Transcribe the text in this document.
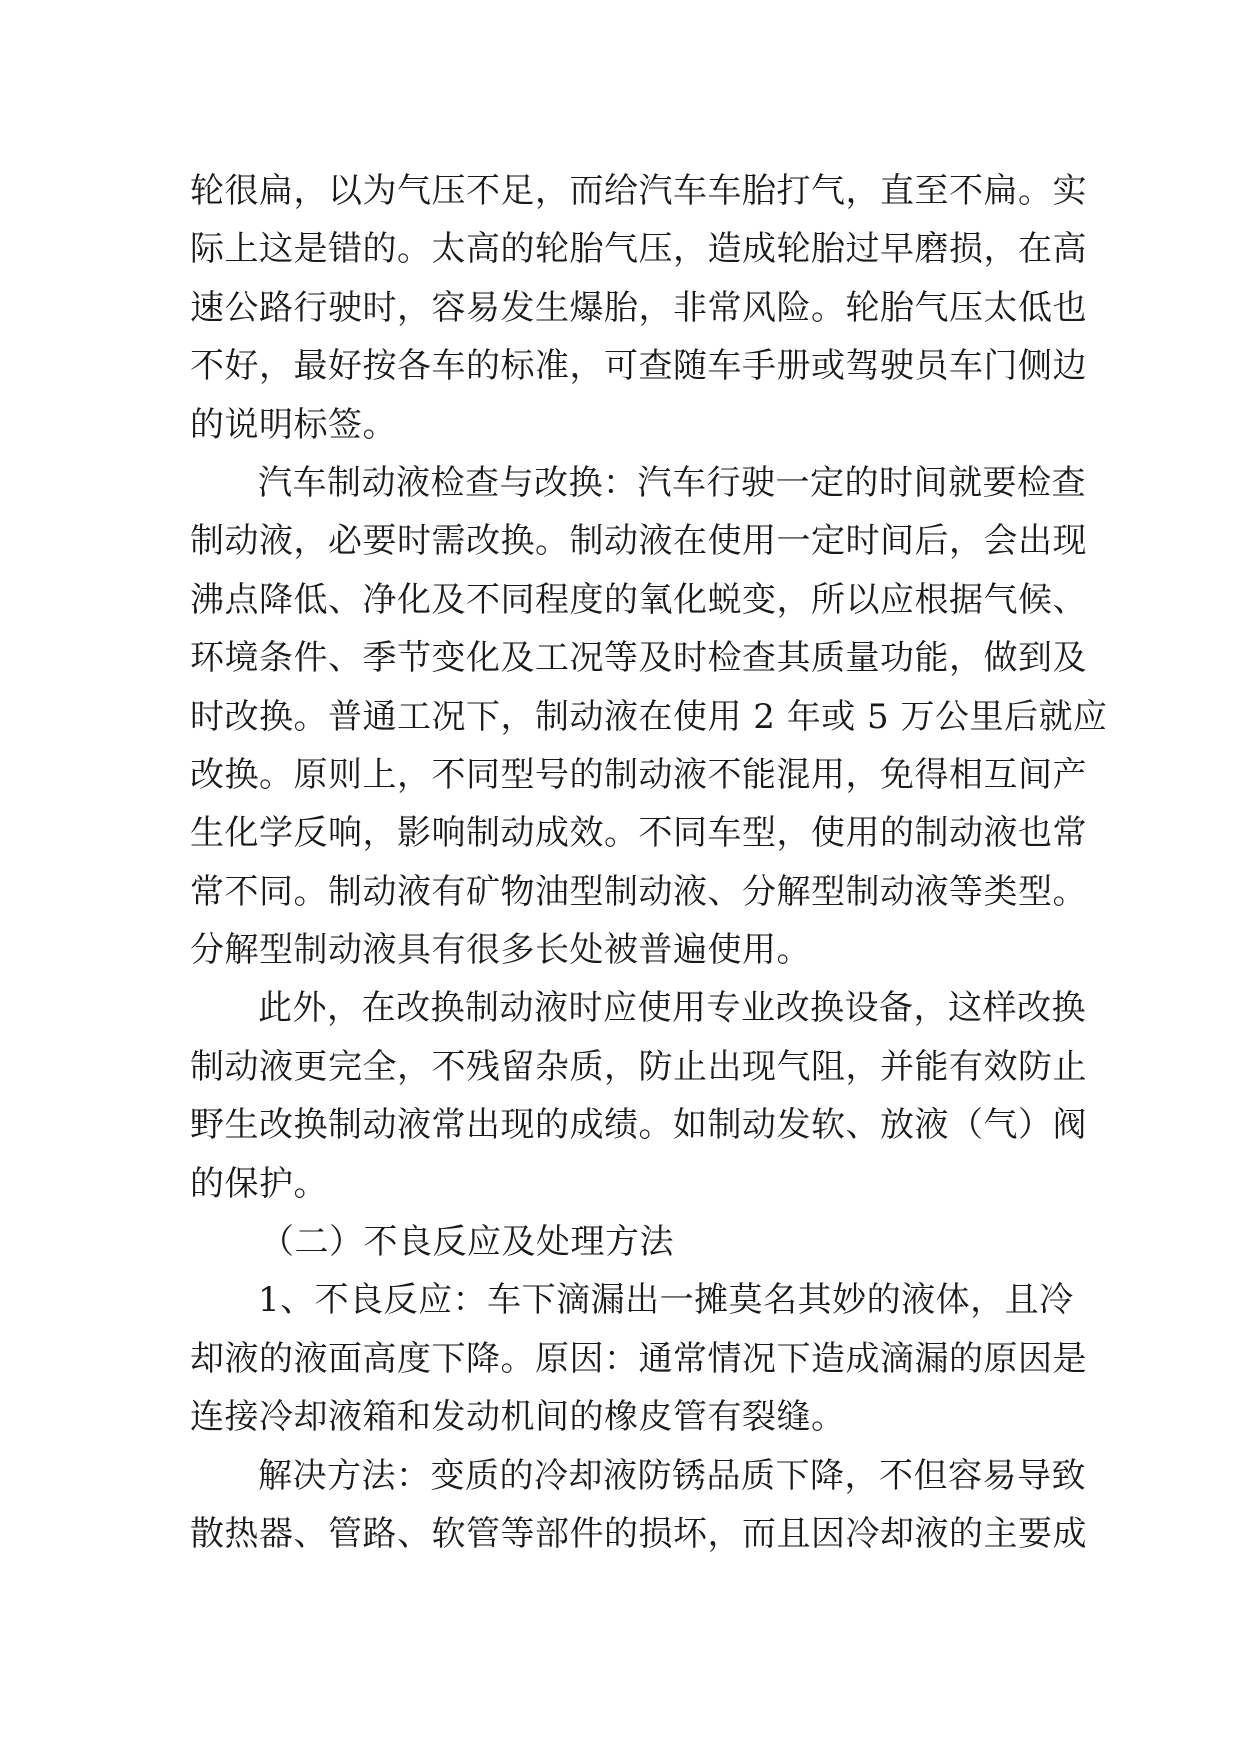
轮很扁，以为气压不足，而给汽车车胎打气，直至不扁。实
际上这是错的。太高的轮胎气压，造成轮胎过早磨损，在高
速公路行驶时，容易发生爆胎，非常风险。轮胎气压太低也
不好，最好按各车的标准，可查随车手册或驾驶员车门侧边
的说明标签。
汽车制动液检查与改换：汽车行驶一定的时间就要检查
制动液，必要时需改换。制动液在使用一定时间后，会出现
沸点降低、净化及不同程度的氧化蜕变，所以应根据气候、
环境条件、季节变化及工况等及时检查其质量功能，做到及
时改换。普通工况下，制动液在使用 2 年或 5 万公里后就应
改换。原则上，不同型号的制动液不能混用，免得相互间产
生化学反响，影响制动成效。不同车型，使用的制动液也常
常不同。制动液有矿物油型制动液、分解型制动液等类型。
分解型制动液具有很多长处被普遍使用。
此外，在改换制动液时应使用专业改换设备，这样改换
制动液更完全，不残留杂质，防止出现气阻，并能有效防止
野生改换制动液常出现的成绩。如制动发软、放液（气）阀
的保护。
（二）不良反应及处理方法
1、不良反应：车下滴漏出一摊莫名其妙的液体，且冷
却液的液面高度下降。原因：通常情况下造成滴漏的原因是
连接冷却液箱和发动机间的橡皮管有裂缝。
解决方法：变质的冷却液防锈品质下降，不但容易导致
散热器、管路、软管等部件的损坏，而且因冷却液的主要成
